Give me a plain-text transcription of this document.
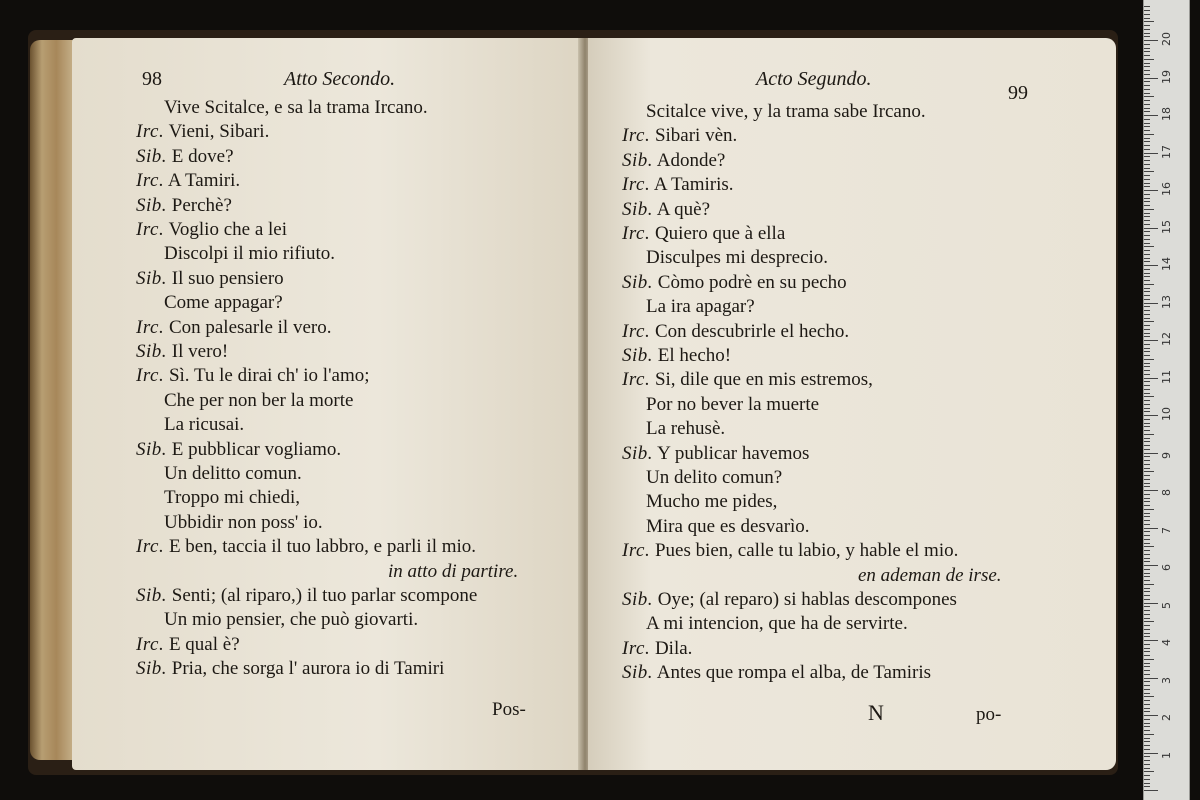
98	Atto Secondo.
Vive Scitalce, e sa la trama Ircano.
Irc. Vieni, Sibari.
Sib. E dove?
Irc. A Tamiri.
Sib. Perchè?
Irc. Voglio che a lei
Discolpi il mio rifiuto.
Sib. Il suo pensiero
Come appagar?
Irc. Con palesarle il vero.
Sib. Il vero!
Irc. Sì. Tu le dirai ch' io l'amo;
Che per non ber la morte
La ricusai.
Sib. E pubblicar vogliamo.
Un delitto comun.
Troppo mi chiedi,
Ubbidir non poss' io.
Irc. E ben, taccia il tuo labbro, e parli il mio.
in atto di partire.
Sib. Senti; (al riparo,) il tuo parlar scompone
Un mio pensier, che può giovarti.
Irc. E qual è?
Sib. Pria, che sorga l' aurora io di Tamiri
Pos-
Acto Segundo.
99
Scitalce vive, y la trama sabe Ircano.
Irc. Sibari vèn.
Sib. Adonde?
Irc. A Tamiris.
Sib. A què?
Irc. Quiero que à ella
Disculpes mi desprecio.
Sib. Còmo podrè en su pecho
La ira apagar?
Irc. Con descubrirle el hecho.
Sib. El hecho!
Irc. Si, dile que en mis estremos,
Por no bever la muerte
La rehusè.
Sib. Y publicar havemos
Un delito comun?
Mucho me pides,
Mira que es desvarìo.
Irc. Pues bien, calle tu labio, y hable el mio.
en ademan de irse.
Sib. Oye; (al reparo) si hablas descompones
A mi intencion, que ha de servirte.
Irc. Dila.
Sib. Antes que rompa el alba, de Tamiris
N	po-
1
2
3
4
5
6
7
8
9
10
11
12
13
14
15
16
17
18
19
20
